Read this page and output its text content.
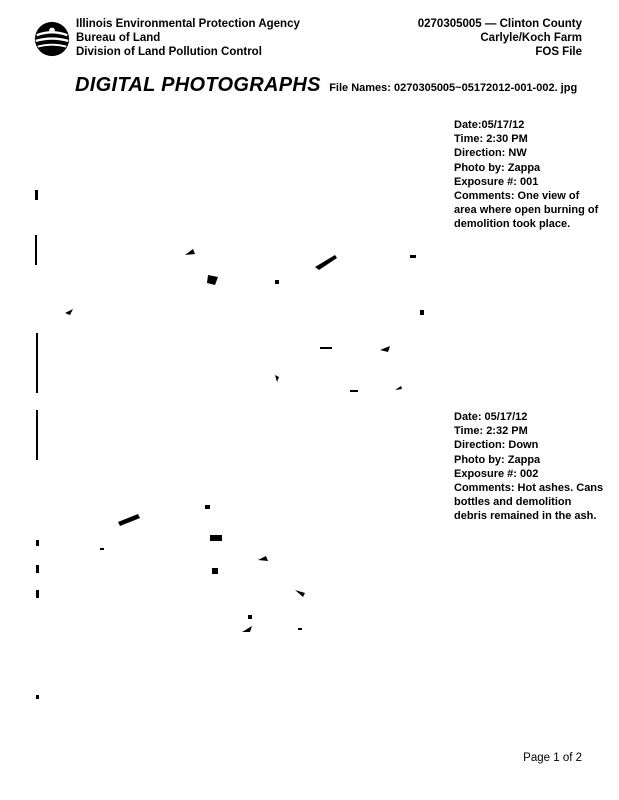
Illinois Environmental Protection Agency
Bureau of Land
Division of Land Pollution Control
0270305005 — Clinton County
Carlyle/Koch Farm
FOS File
DIGITAL PHOTOGRAPHS File Names: 0270305005~05172012-001-002. jpg
Date:05/17/12
Time: 2:30 PM
Direction: NW
Photo by: Zappa
Exposure #: 001
Comments: One view of area where open burning of demolition took place.
Date: 05/17/12
Time: 2:32 PM
Direction: Down
Photo by: Zappa
Exposure #: 002
Comments: Hot ashes. Cans bottles and demolition debris remained in the ash.
Page 1 of 2
